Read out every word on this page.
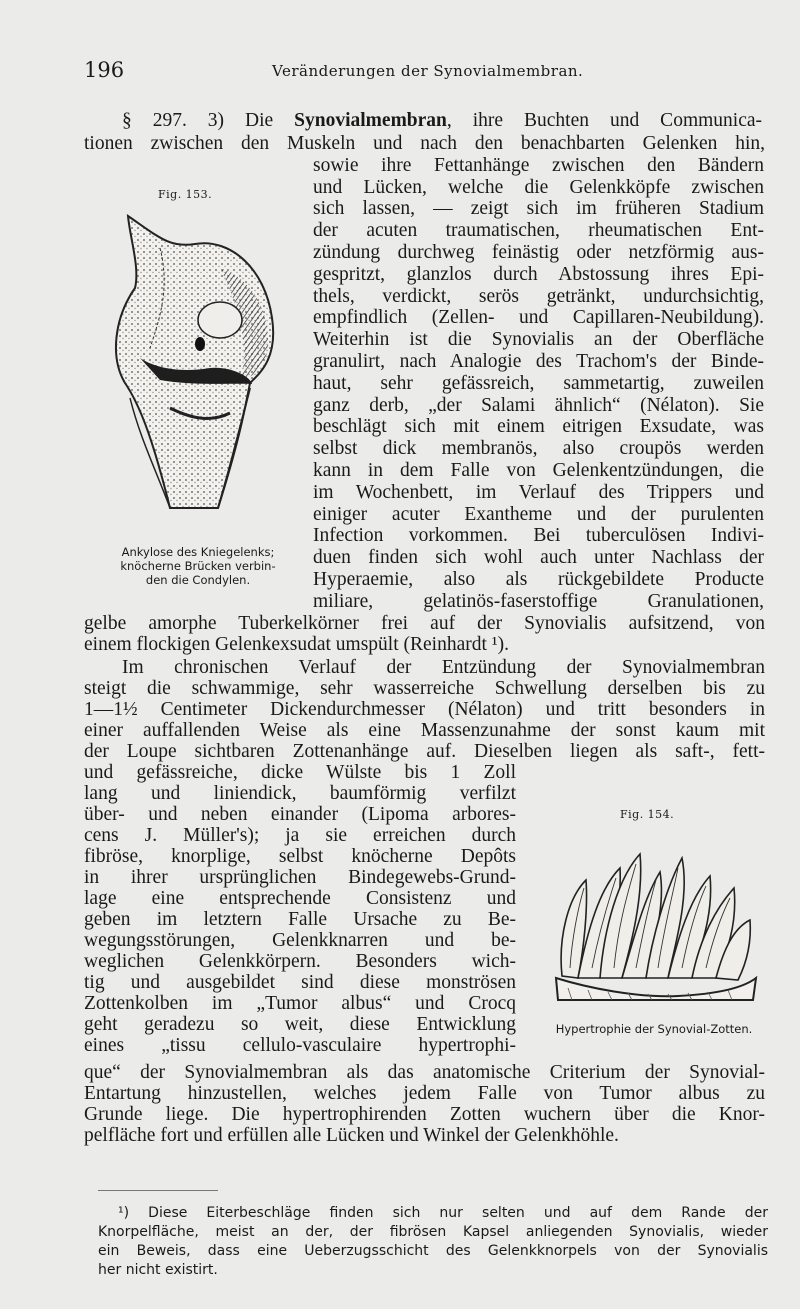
196	Veränderungen der Synovialmembran.
Fig. 153.
Ankylose des Kniegelenks;
knöcherne Brücken verbin-
den die Condylen.
Fig. 154.
Hypertrophie der Synovial-Zotten.
§ 297. 3) Die Synovialmembran, ihre Buchten und Communica-
tionen zwischen den Muskeln und nach den benachbarten Gelenken hin,
sowie ihre Fettanhänge zwischen den Bändern
und Lücken, welche die Gelenkköpfe zwischen
sich lassen, — zeigt sich im früheren Stadium
der acuten traumatischen, rheumatischen Ent-
zündung durchweg feinästig oder netzförmig aus-
gespritzt, glanzlos durch Abstossung ihres Epi-
thels, verdickt, serös getränkt, undurchsichtig,
empfindlich (Zellen- und Capillaren-Neubildung).
Weiterhin ist die Synovialis an der Oberfläche
granulirt, nach Analogie des Trachom's der Binde-
haut, sehr gefässreich, sammetartig, zuweilen
ganz derb, „der Salami ähnlich“ (Nélaton). Sie
beschlägt sich mit einem eitrigen Exsudate, was
selbst dick membranös, also croupös werden
kann in dem Falle von Gelenkentzündungen, die
im Wochenbett, im Verlauf des Trippers und
einiger acuter Exantheme und der purulenten
Infection vorkommen. Bei tuberculösen Indivi-
duen finden sich wohl auch unter Nachlass der
Hyperaemie, also als rückgebildete Producte
miliare, gelatinös-faserstoffige Granulationen,
gelbe amorphe Tuberkelkörner frei auf der Synovialis aufsitzend, von
einem flockigen Gelenkexsudat umspült (Reinhardt ¹).
Im chronischen Verlauf der Entzündung der Synovialmembran
steigt die schwammige, sehr wasserreiche Schwellung derselben bis zu
1—1½ Centimeter Dickendurchmesser (Nélaton) und tritt besonders in
einer auffallenden Weise als eine Massenzunahme der sonst kaum mit
der Loupe sichtbaren Zottenanhänge auf. Dieselben liegen als saft-, fett-
und gefässreiche, dicke Wülste bis 1 Zoll
lang und liniendick, baumförmig verfilzt
über- und neben einander (Lipoma arbores-
cens J. Müller's); ja sie erreichen durch
fibröse, knorplige, selbst knöcherne Depôts
in ihrer ursprünglichen Bindegewebs-Grund-
lage eine entsprechende Consistenz und
geben im letztern Falle Ursache zu Be-
wegungsstörungen, Gelenkknarren und be-
weglichen Gelenkkörpern. Besonders wich-
tig und ausgebildet sind diese monströsen
Zottenkolben im „Tumor albus“ und Crocq
geht geradezu so weit, diese Entwicklung
eines „tissu cellulo-vasculaire hypertrophi-
que“ der Synovialmembran als das anatomische Criterium der Synovial-
Entartung hinzustellen, welches jedem Falle von Tumor albus zu
Grunde liege. Die hypertrophirenden Zotten wuchern über die Knor-
pelfläche fort und erfüllen alle Lücken und Winkel der Gelenkhöhle.
¹) Diese Eiterbeschläge finden sich nur selten und auf dem Rande der
Knorpelfläche, meist an der, der fibrösen Kapsel anliegenden Synovialis, wieder
ein Beweis, dass eine Ueberzugsschicht des Gelenkknorpels von der Synovialis
her nicht existirt.
